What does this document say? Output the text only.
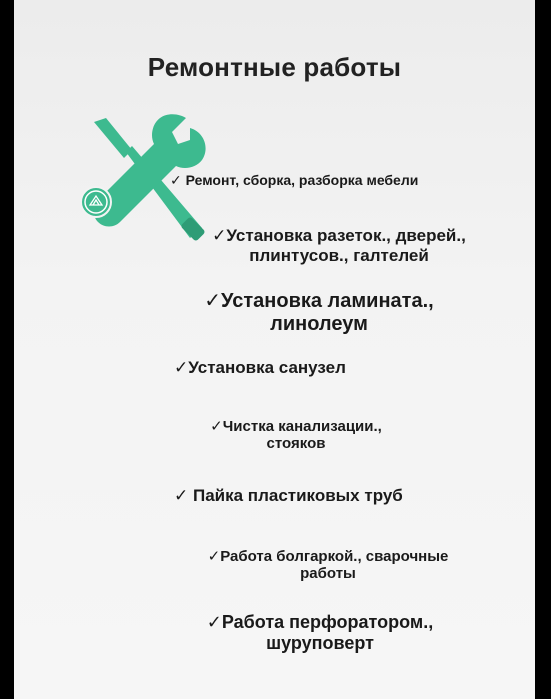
Ремонтные работы
✓ Ремонт, сборка, разборка мебели
✓Установка разеток., дверей.,
плинтусов., галтелей
✓Установка ламината.,
линолеум
✓Установка санузел
✓Чистка канализации.,
стояков
✓ Пайка пластиковых труб
✓Работа болгаркой., сварочные
работы
✓Работа перфоратором.,
шуруповерт
